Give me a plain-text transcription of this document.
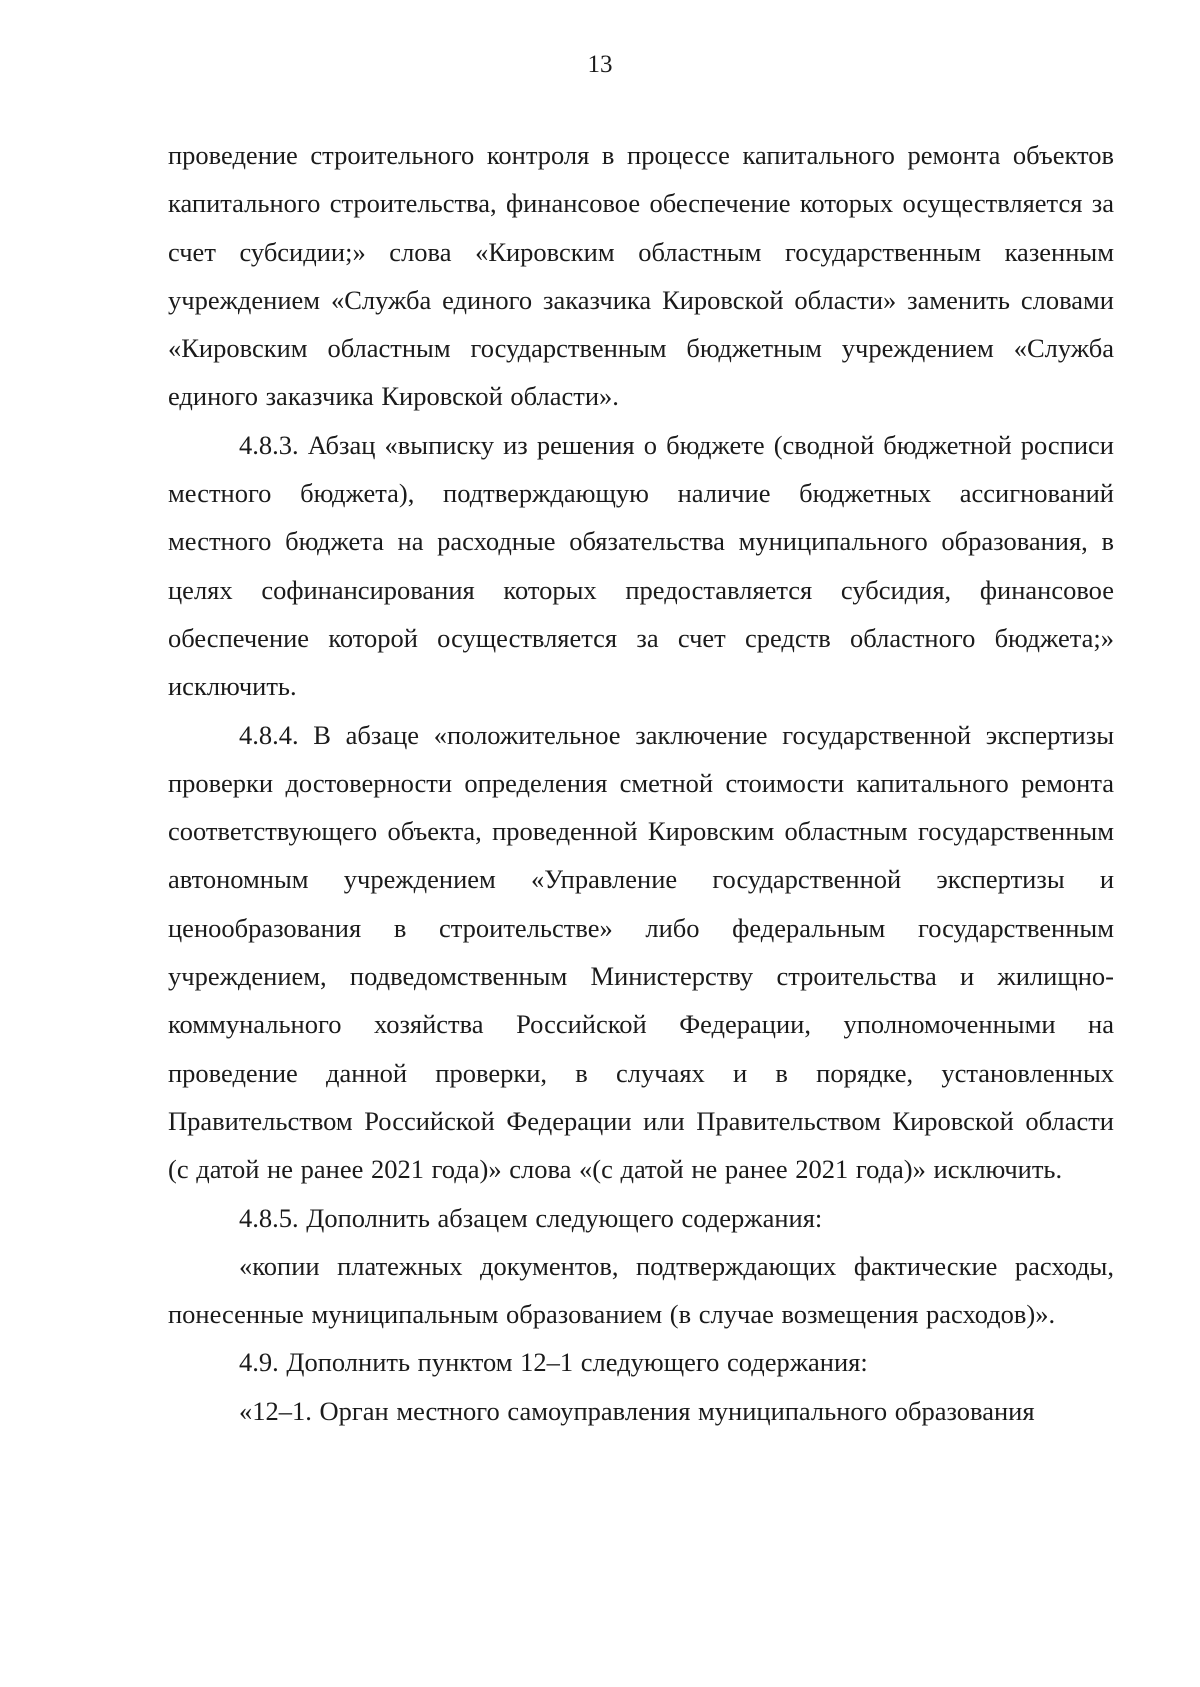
13

проведение строительного контроля в процессе капитального ремонта объектов капитального строительства, финансовое обеспечение которых осуществляется за счет субсидии;» слова «Кировским областным государственным казенным учреждением «Служба единого заказчика Кировской области» заменить словами «Кировским областным государственным бюджетным учреждением «Служба единого заказчика Кировской области».

4.8.3. Абзац «выписку из решения о бюджете (сводной бюджетной росписи местного бюджета), подтверждающую наличие бюджетных ассигнований местного бюджета на расходные обязательства муниципального образования, в целях софинансирования которых предоставляется субсидия, финансовое обеспечение которой осуществляется за счет средств областного бюджета;» исключить.

4.8.4. В абзаце «положительное заключение государственной экспертизы проверки достоверности определения сметной стоимости капитального ремонта соответствующего объекта, проведенной Кировским областным государственным автономным учреждением «Управление государственной экспертизы и ценообразования в строительстве» либо федеральным государственным учреждением, подведомственным Министерству строительства и жилищно-коммунального хозяйства Российской Федерации, уполномоченными на проведение данной проверки, в случаях и в порядке, установленных Правительством Российской Федерации или Правительством Кировской области (с датой не ранее 2021 года)» слова «(с датой не ранее 2021 года)» исключить.

4.8.5. Дополнить абзацем следующего содержания:

«копии платежных документов, подтверждающих фактические расходы, понесенные муниципальным образованием (в случае возмещения расходов)».

4.9. Дополнить пунктом 12–1 следующего содержания:

«12–1. Орган местного самоуправления муниципального образования
